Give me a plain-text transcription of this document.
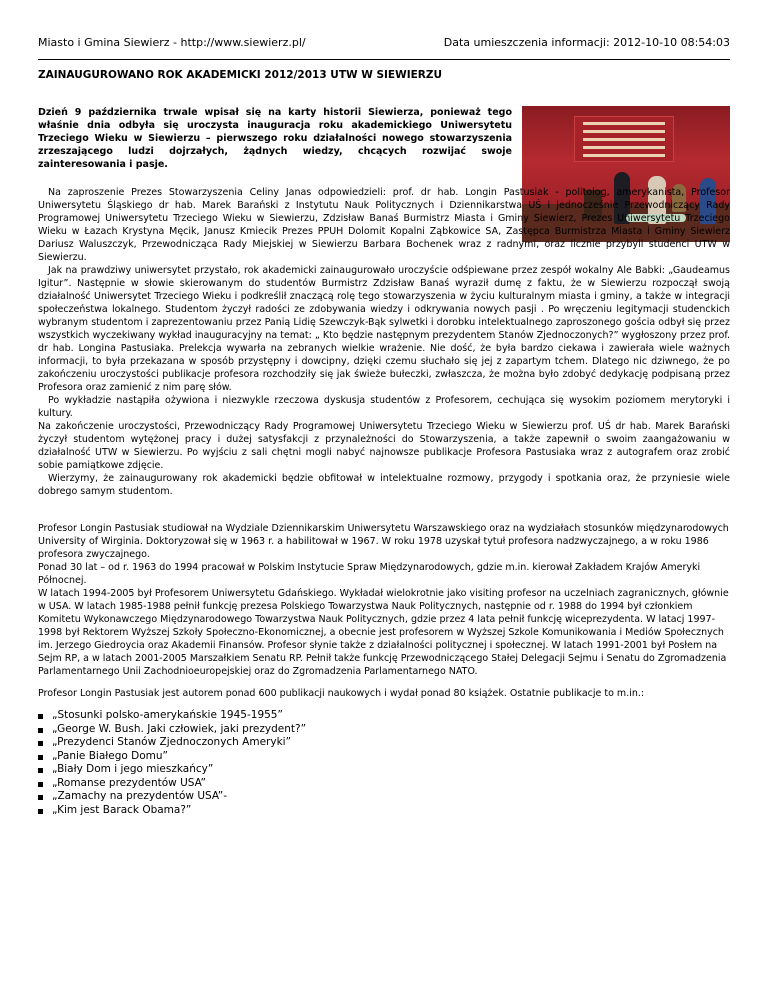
Miasto i Gmina Siewierz - http://www.siewierz.pl/	Data umieszczenia informacji: 2012-10-10 08:54:03
ZAINAUGUROWANO ROK AKADEMICKI 2012/2013 UTW W SIEWIERZU
Dzień 9 października trwale wpisał się na karty historii Siewierza, ponieważ tego właśnie dnia odbyła się uroczysta inauguracja roku akademickiego Uniwersytetu Trzeciego Wieku w Siewierzu – pierwszego roku działalności nowego stowarzyszenia zrzeszającego ludzi dojrzałych, żądnych wiedzy, chcących rozwijać swoje zainteresowania i pasje.

Na zaproszenie Prezes Stowarzyszenia Celiny Janas odpowiedzieli: prof. dr hab. Longin Pastusiak - politolog, amerykanista, Profesor Uniwersytetu Śląskiego dr hab. Marek Barański z Instytutu Nauk Politycznych i Dziennikarstwa UŚ i jednocześnie Przewodniczący Rady Programowej Uniwersytetu Trzeciego Wieku w Siewierzu, Zdzisław Banaś Burmistrz Miasta i Gminy Siewierz, Prezes Uniwersytetu Trzeciego Wieku w Łazach Krystyna Męcik, Janusz Kmiecik Prezes PPUH Dolomit Kopalni Ząbkowice SA, Zastępca Burmistrza Miasta i Gminy Siewierz Dariusz Waluszczyk, Przewodnicząca Rady Miejskiej w Siewierzu Barbara Bochenek wraz z radnymi, oraz licznie przybyli studenci UTW w Siewierzu.

Jak na prawdziwy uniwersytet przystało, rok akademicki zainaugurowało uroczyście odśpiewane przez zespół wokalny Ale Babki: „Gaudeamus Igitur”. Następnie w słowie skierowanym do studentów Burmistrz Zdzisław Banaś wyraził dumę z faktu, że w Siewierzu rozpoczął swoją działalność Uniwersytet Trzeciego Wieku i podkreślił znaczącą rolę tego stowarzyszenia w życiu kulturalnym miasta i gminy, a także w integracji społeczeństwa lokalnego. Studentom życzył radości ze zdobywania wiedzy i odkrywania nowych pasji . Po wręczeniu legitymacji studenckich wybranym studentom i zaprezentowaniu przez Panią Lidię Szewczyk-Bąk sylwetki i dorobku intelektualnego zaproszonego gościa odbył się przez wszystkich wyczekiwany wykład inauguracyjny na temat: „ Kto będzie następnym prezydentem Stanów Zjednoczonych?” wygłoszony przez prof. dr hab. Longina Pastusiaka. Prelekcja wywarła na zebranych wielkie wrażenie. Nie dość, że była bardzo ciekawa i zawierała wiele ważnych informacji, to była przekazana w sposób przystępny i dowcipny, dzięki czemu słuchało się jej z zapartym tchem. Dlatego nic dziwnego, że po zakończeniu uroczystości publikacje profesora rozchodziły się jak świeże bułeczki, zwłaszcza, że można było zdobyć dedykację podpisaną przez Profesora oraz zamienić z nim parę słów.

Po wykładzie nastąpiła ożywiona i niezwykle rzeczowa dyskusja studentów z Profesorem, cechująca się wysokim poziomem merytoryki i kultury.

Na zakończenie uroczystości, Przewodniczący Rady Programowej Uniwersytetu Trzeciego Wieku w Siewierzu prof. UŚ dr hab. Marek Barański życzył studentom wytężonej pracy i dużej satysfakcji z przynależności do Stowarzyszenia, a także zapewnił o swoim zaangażowaniu w działalność UTW w Siewierzu. Po wyjściu z sali chętni mogli nabyć najnowsze publikacje Profesora Pastusiaka wraz z autografem oraz zrobić sobie pamiątkowe zdjęcie.

Wierzymy, że zainaugurowany rok akademicki będzie obfitował w intelektualne rozmowy, przygody i spotkania oraz, że przyniesie wiele dobrego samym studentom.

Profesor Longin Pastusiak studiował na Wydziale Dziennikarskim Uniwersytetu Warszawskiego oraz na wydziałach stosunków międzynarodowych University of Wirginia. Doktoryzował się w 1963 r. a habilitował w 1967. W roku 1978 uzyskał tytuł profesora nadzwyczajnego, a w roku 1986 profesora zwyczajnego.

Ponad 30 lat – od r. 1963 do 1994 pracował w Polskim Instytucie Spraw Międzynarodowych, gdzie m.in. kierował Zakładem Krajów Ameryki Północnej.

W latach 1994-2005 był Profesorem Uniwersytetu Gdańskiego. Wykładał wielokrotnie jako visiting profesor na uczelniach zagranicznych, głównie w USA. W latach 1985-1988 pełnił funkcję prezesa Polskiego Towarzystwa Nauk Politycznych, następnie od r. 1988 do 1994 był członkiem Komitetu Wykonawczego Międzynarodowego Towarzystwa Nauk Politycznych, gdzie przez 4 lata pełnił funkcję wiceprezydenta. W latacj 1997-1998 był Rektorem Wyższej Szkoły Społeczno-Ekonomicznej, a obecnie jest profesorem w Wyższej Szkole Komunikowania i Mediów Społecznych im. Jerzego Giedroycia oraz Akademii Finansów. Profesor słynie także z działalności politycznej i społecznej. W latach 1991-2001 był Posłem na Sejm RP, a w latach 2001-2005 Marszałkiem Senatu RP. Pełnił także funkcję Przewodniczącego Stałej Delegacji Sejmu i Senatu do Zgromadzenia Parlamentarnego Unii Zachodnioeuropejskiej oraz do Zgromadzenia Parlamentarnego NATO.

Profesor Longin Pastusiak jest autorem ponad 600 publikacji naukowych i wydał ponad 80 książek. Ostatnie publikacje to m.in.:
„Stosunki polsko-amerykańskie 1945-1955”
„George W. Bush. Jaki człowiek, jaki prezydent?”
„Prezydenci Stanów Zjednoczonych Ameryki”
„Panie Białego Domu”
„Biały Dom i jego mieszkańcy”
„Romanse prezydentów USA”
„Zamachy na prezydentów USA”-
„Kim jest Barack Obama?”
